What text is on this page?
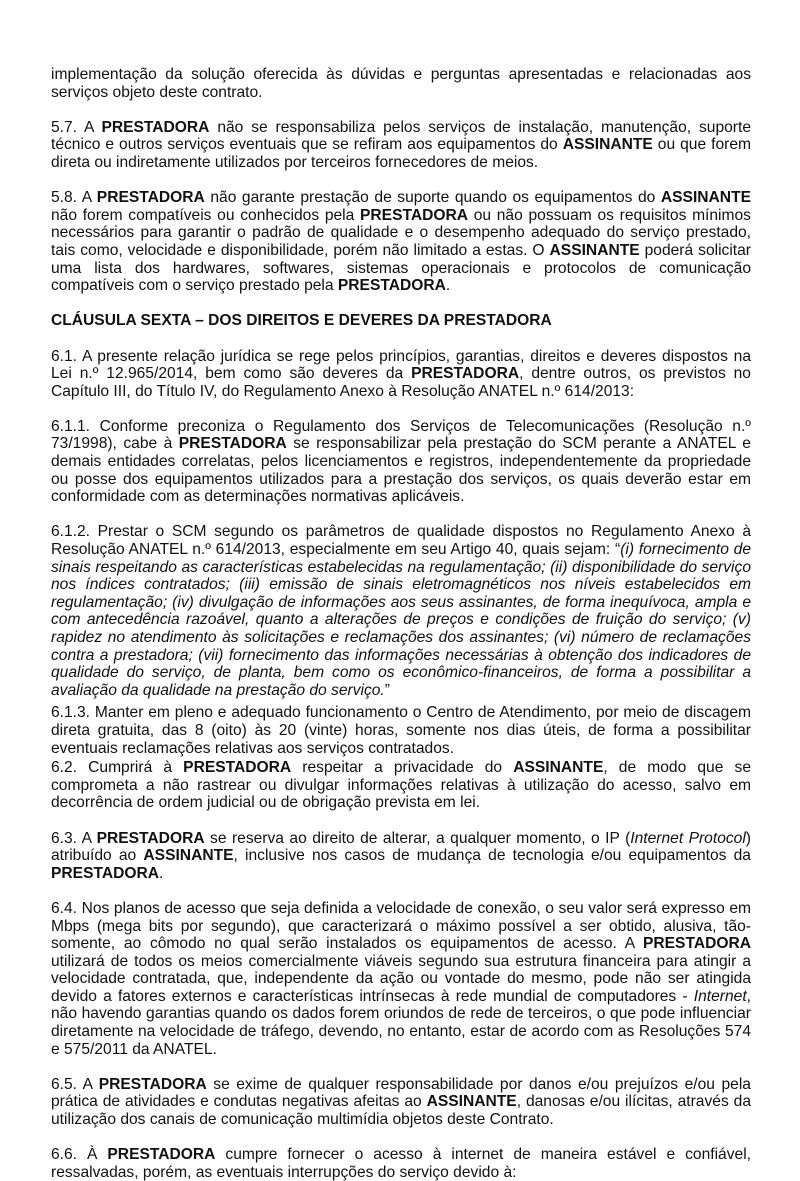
implementação da solução oferecida às dúvidas e perguntas apresentadas e relacionadas aos serviços objeto deste contrato.

5.7. A PRESTADORA não se responsabiliza pelos serviços de instalação, manutenção, suporte técnico e outros serviços eventuais que se refiram aos equipamentos do ASSINANTE ou que forem direta ou indiretamente utilizados por terceiros fornecedores de meios.

5.8. A PRESTADORA não garante prestação de suporte quando os equipamentos do ASSINANTE não forem compatíveis ou conhecidos pela PRESTADORA ou não possuam os requisitos mínimos necessários para garantir o padrão de qualidade e o desempenho adequado do serviço prestado, tais como, velocidade e disponibilidade, porém não limitado a estas. O ASSINANTE poderá solicitar uma lista dos hardwares, softwares, sistemas operacionais e protocolos de comunicação compatíveis com o serviço prestado pela PRESTADORA.

CLÁUSULA SEXTA – DOS DIREITOS E DEVERES DA PRESTADORA

6.1. A presente relação jurídica se rege pelos princípios, garantias, direitos e deveres dispostos na Lei n.º 12.965/2014, bem como são deveres da PRESTADORA, dentre outros, os previstos no Capítulo III, do Título IV, do Regulamento Anexo à Resolução ANATEL n.º 614/2013:

6.1.1. Conforme preconiza o Regulamento dos Serviços de Telecomunicações (Resolução n.º 73/1998), cabe à PRESTADORA se responsabilizar pela prestação do SCM perante a ANATEL e demais entidades correlatas, pelos licenciamentos e registros, independentemente da propriedade ou posse dos equipamentos utilizados para a prestação dos serviços, os quais deverão estar em conformidade com as determinações normativas aplicáveis.

6.1.2. Prestar o SCM segundo os parâmetros de qualidade dispostos no Regulamento Anexo à Resolução ANATEL n.º 614/2013, especialmente em seu Artigo 40, quais sejam: “(i) fornecimento de sinais respeitando as características estabelecidas na regulamentação; (ii) disponibilidade do serviço nos índices contratados; (iii) emissão de sinais eletromagnéticos nos níveis estabelecidos em regulamentação; (iv) divulgação de informações aos seus assinantes, de forma inequívoca, ampla e com antecedência razoável, quanto a alterações de preços e condições de fruição do serviço; (v) rapidez no atendimento às solicitações e reclamações dos assinantes; (vi) número de reclamações contra a prestadora; (vii) fornecimento das informações necessárias à obtenção dos indicadores de qualidade do serviço, de planta, bem como os econômico-financeiros, de forma a possibilitar a avaliação da qualidade na prestação do serviço.”

6.1.3. Manter em pleno e adequado funcionamento o Centro de Atendimento, por meio de discagem direta gratuita, das 8 (oito) às 20 (vinte) horas, somente nos dias úteis, de forma a possibilitar eventuais reclamações relativas aos serviços contratados.

6.2. Cumprirá à PRESTADORA respeitar a privacidade do ASSINANTE, de modo que se comprometa a não rastrear ou divulgar informações relativas à utilização do acesso, salvo em decorrência de ordem judicial ou de obrigação prevista em lei.

6.3. A PRESTADORA se reserva ao direito de alterar, a qualquer momento, o IP (Internet Protocol) atribuído ao ASSINANTE, inclusive nos casos de mudança de tecnologia e/ou equipamentos da PRESTADORA.

6.4. Nos planos de acesso que seja definida a velocidade de conexão, o seu valor será expresso em Mbps (mega bits por segundo), que caracterizará o máximo possível a ser obtido, alusiva, tão-somente, ao cômodo no qual serão instalados os equipamentos de acesso. A PRESTADORA utilizará de todos os meios comercialmente viáveis segundo sua estrutura financeira para atingir a velocidade contratada, que, independente da ação ou vontade do mesmo, pode não ser atingida devido a fatores externos e características intrínsecas à rede mundial de computadores - Internet, não havendo garantias quando os dados forem oriundos de rede de terceiros, o que pode influenciar diretamente na velocidade de tráfego, devendo, no entanto, estar de acordo com as Resoluções 574 e 575/2011 da ANATEL.

6.5. A PRESTADORA se exime de qualquer responsabilidade por danos e/ou prejuízos e/ou pela prática de atividades e condutas negativas afeitas ao ASSINANTE, danosas e/ou ilícitas, através da utilização dos canais de comunicação multimídia objetos deste Contrato.

6.6. À PRESTADORA cumpre fornecer o acesso à internet de maneira estável e confiável, ressalvadas, porém, as eventuais interrupções do serviço devido à:
